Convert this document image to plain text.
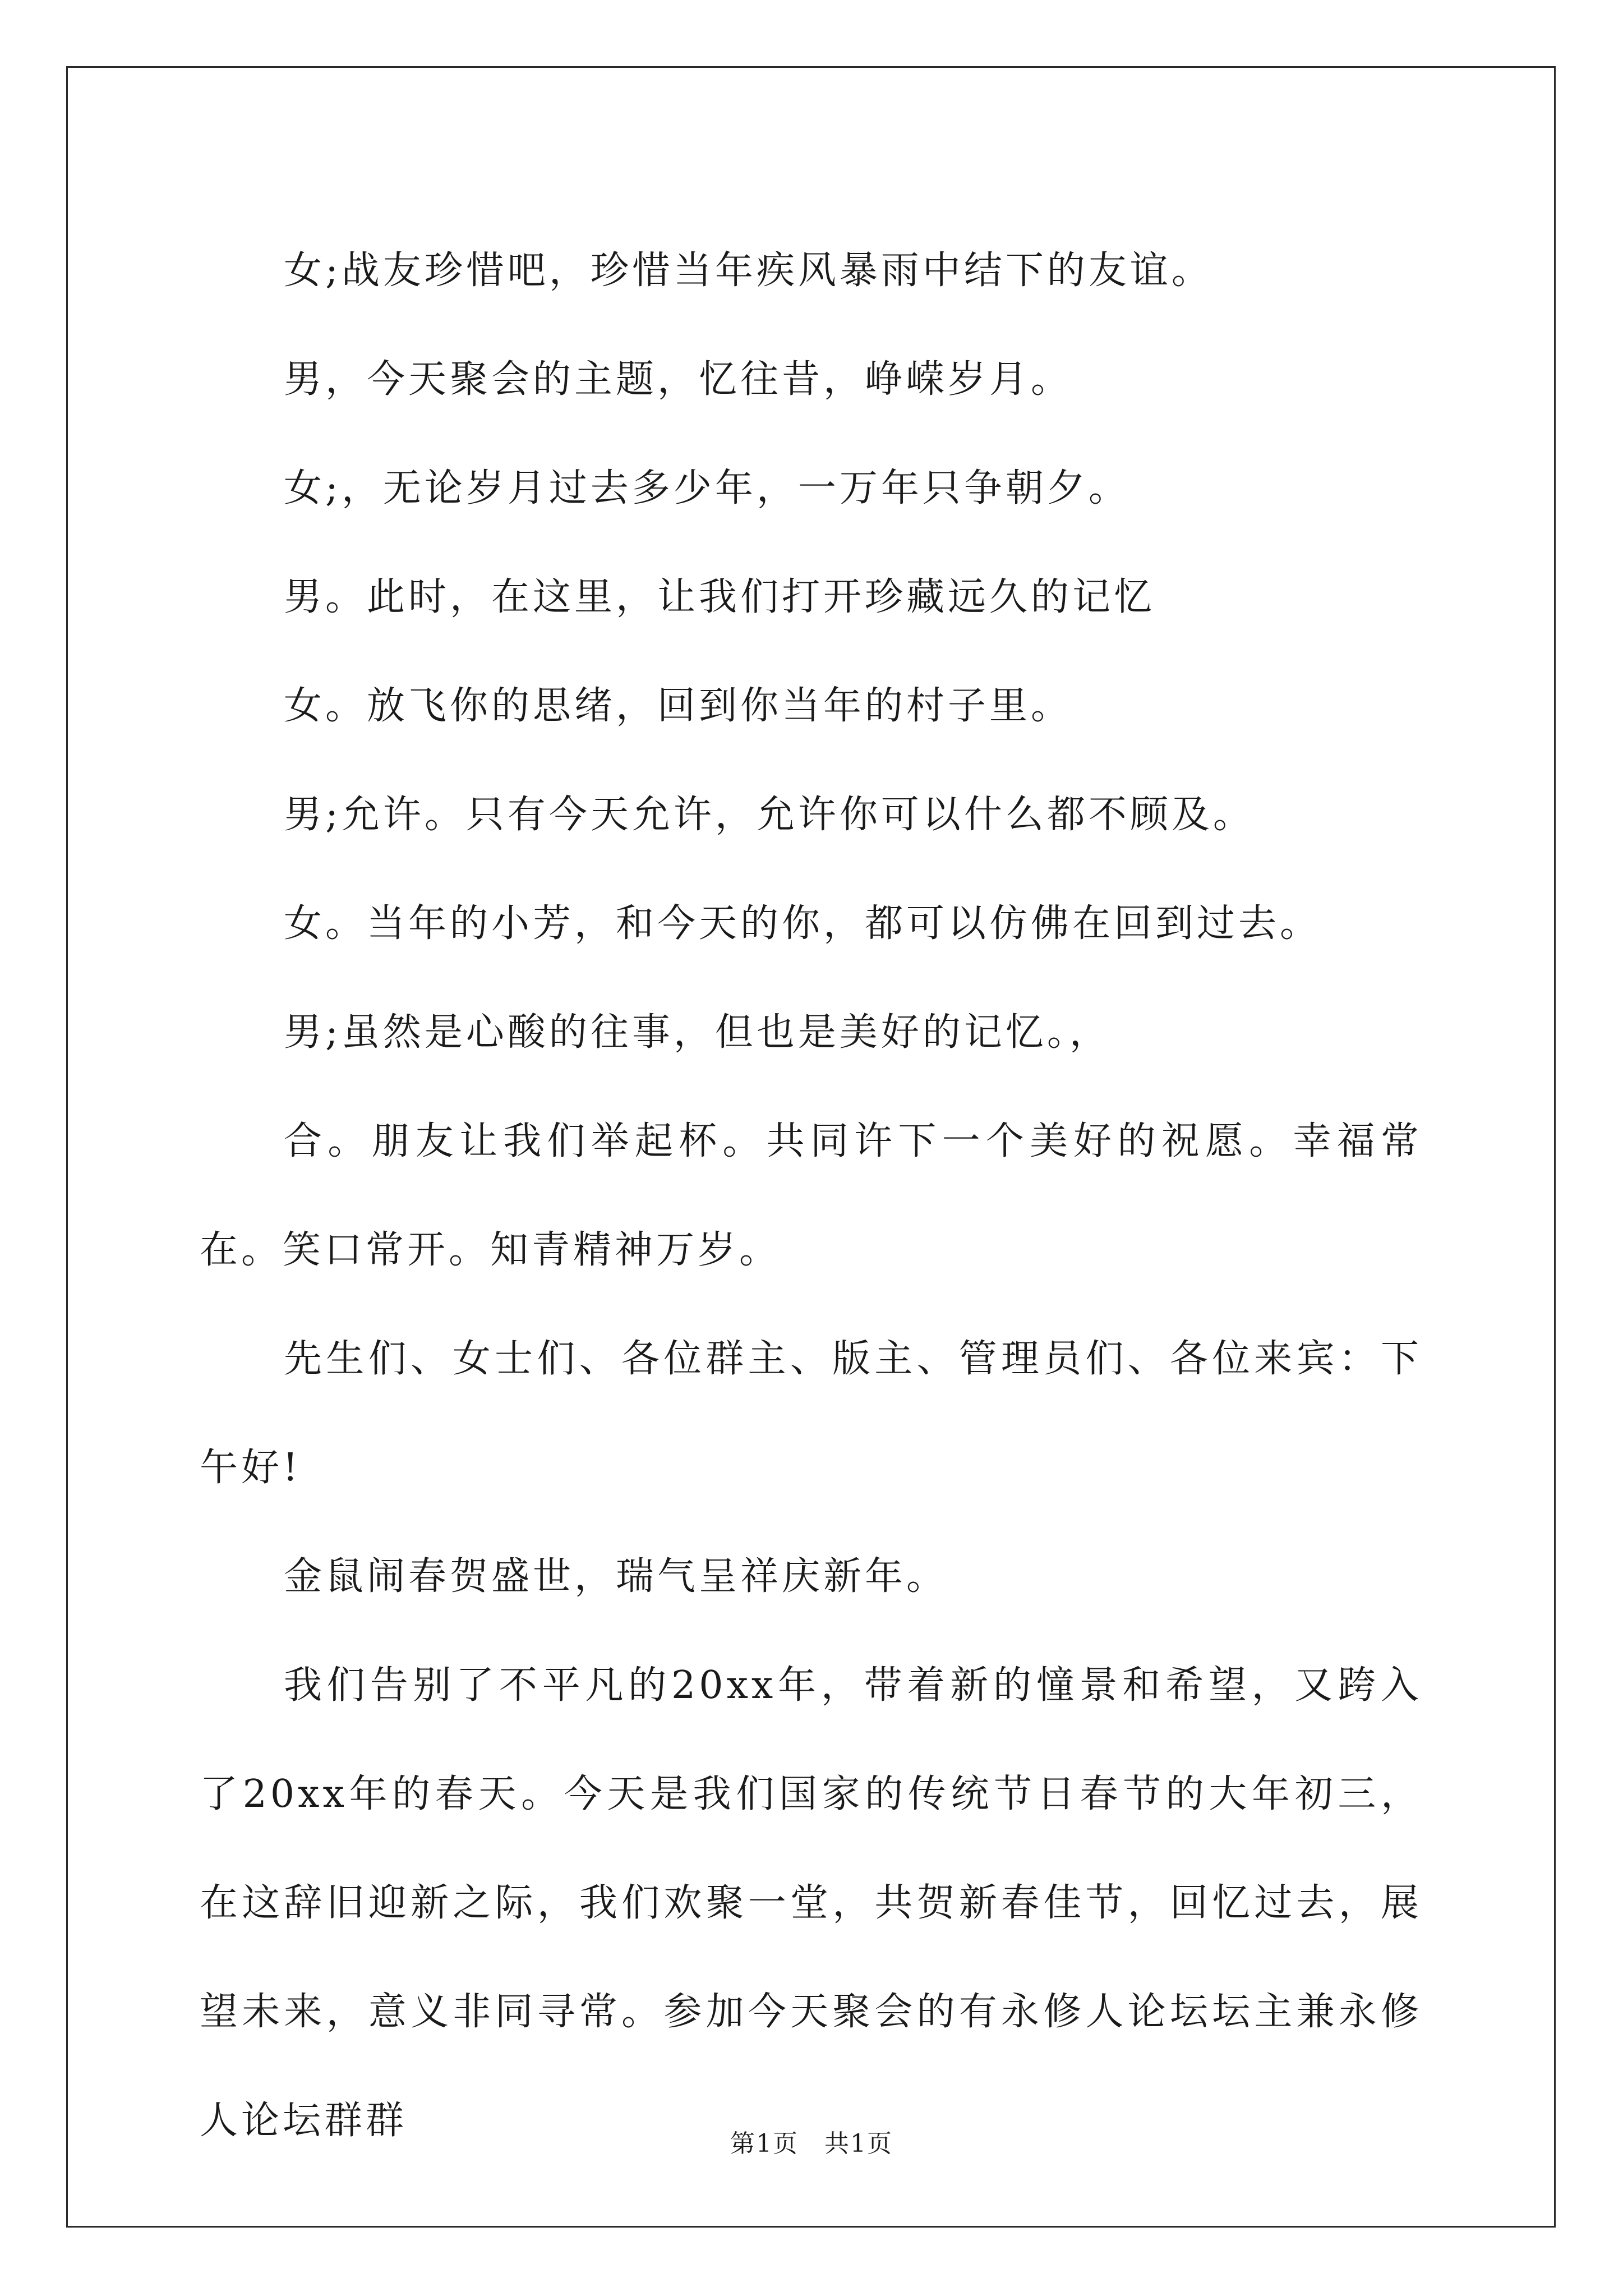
女;战友珍惜吧，珍惜当年疾风暴雨中结下的友谊。

男，今天聚会的主题，忆往昔，峥嵘岁月。

女;，无论岁月过去多少年，一万年只争朝夕。

男。此时，在这里，让我们打开珍藏远久的记忆

女。放飞你的思绪，回到你当年的村子里。

男;允许。只有今天允许，允许你可以什么都不顾及。

女。当年的小芳，和今天的你，都可以仿佛在回到过去。

男;虽然是心酸的往事，但也是美好的记忆。，

合。朋友让我们举起杯。共同许下一个美好的祝愿。幸福常在。笑口常开。知青精神万岁。

先生们、女士们、各位群主、版主、管理员们、各位来宾：下午好!

金鼠闹春贺盛世，瑞气呈祥庆新年。

我们告别了不平凡的20xx年，带着新的憧景和希望，又跨入了20xx年的春天。今天是我们国家的传统节日春节的大年初三，在这辞旧迎新之际，我们欢聚一堂，共贺新春佳节，回忆过去，展望未来，意义非同寻常。参加今天聚会的有永修人论坛坛主兼永修人论坛群群

第1页　共1页
